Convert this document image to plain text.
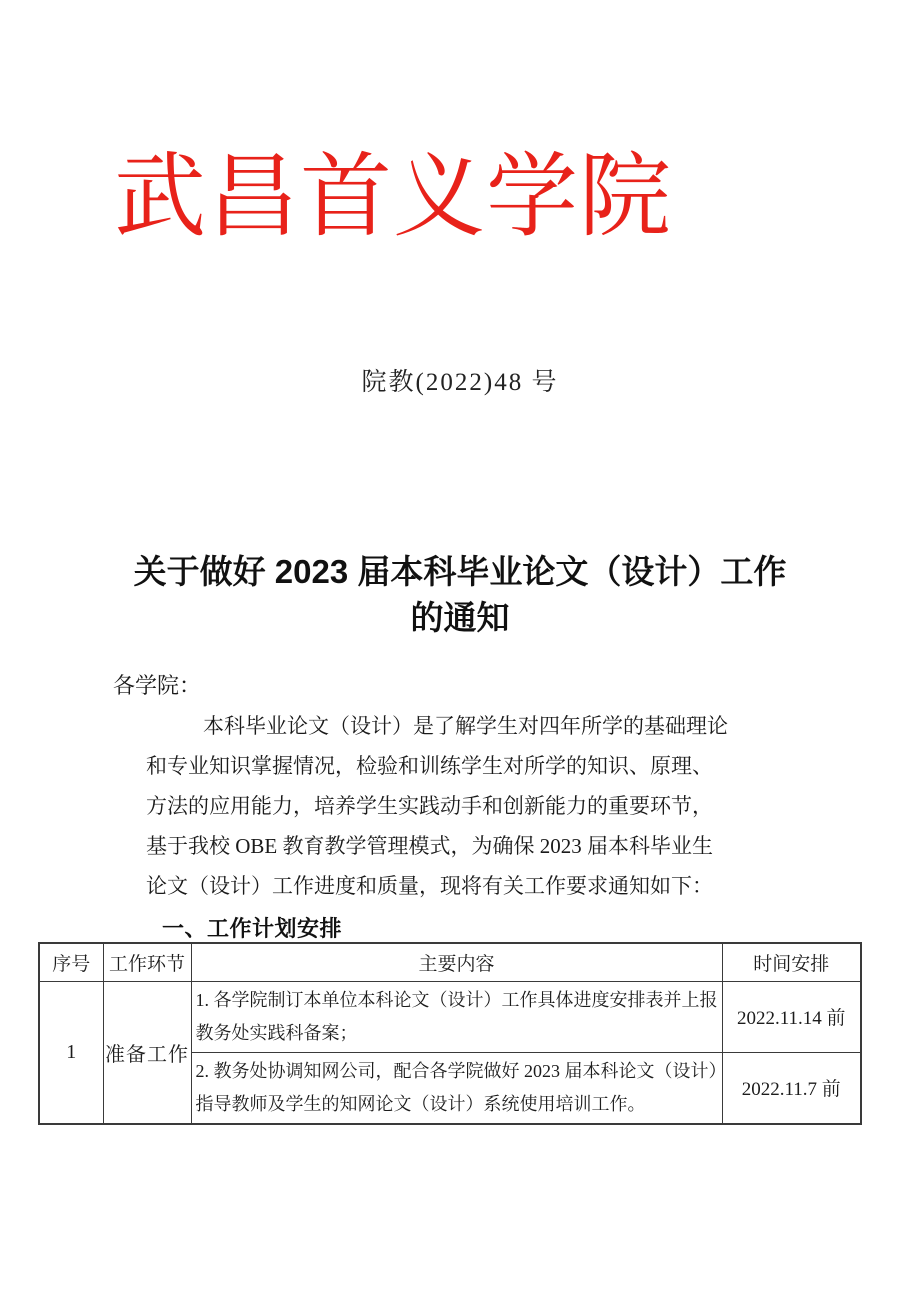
武昌首义学院
院教(2022)48 号
关于做好 2023 届本科毕业论文（设计）工作
的通知
各学院：
本科毕业论文（设计）是了解学生对四年所学的基础理论
和专业知识掌握情况，检验和训练学生对所学的知识、原理、
方法的应用能力，培养学生实践动手和创新能力的重要环节，
基于我校 OBE 教育教学管理模式，为确保 2023 届本科毕业生
论文（设计）工作进度和质量，现将有关工作要求通知如下：
一、工作计划安排
序号	工作环节	主要内容	时间安排
1	准备工作	1. 各学院制订本单位本科论文（设计）工作具体进度安排表并上报教务处实践科备案；	2022.11.14 前
		2. 教务处协调知网公司，配合各学院做好 2023 届本科论文（设计）指导教师及学生的知网论文（设计）系统使用培训工作。	2022.11.7 前
